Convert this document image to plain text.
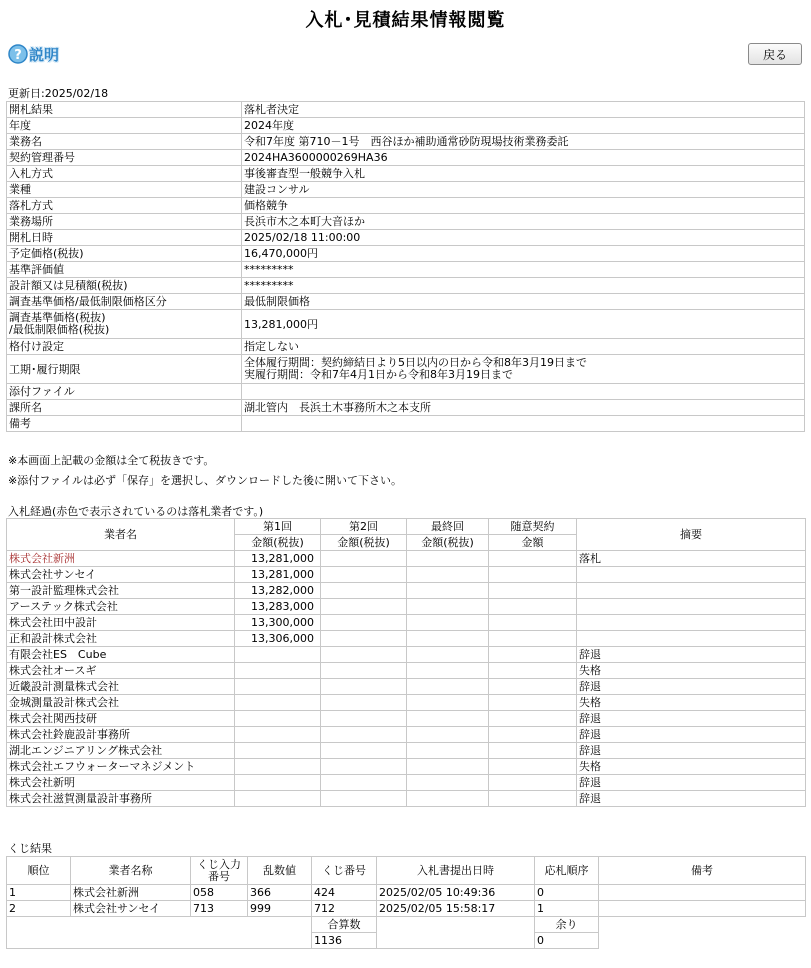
入札･見積結果情報閲覧
? 説明	戻る
更新日:2025/02/18
開札結果	落札者決定
年度	2024年度
業務名	令和7年度 第710－1号　西谷ほか補助通常砂防現場技術業務委託
契約管理番号	2024HA3600000269HA36
入札方式	事後審査型一般競争入札
業種	建設コンサル
落札方式	価格競争
業務場所	長浜市木之本町大音ほか
開札日時	2025/02/18 11:00:00
予定価格(税抜)	16,470,000円
基準評価値	*********
設計額又は見積額(税抜)	*********
調査基準価格/最低制限価格区分	最低制限価格
調査基準価格(税抜)
/最低制限価格(税抜)	13,281,000円
格付け設定	指定しない
工期･履行期限	全体履行期間：契約締結日より5日以内の日から令和8年3月19日まで
実履行期間：令和7年4月1日から令和8年3月19日まで
添付ファイル	
課所名	湖北管内　長浜土木事務所木之本支所
備考	
※本画面上記載の金額は全て税抜きです。
※添付ファイルは必ず「保存」を選択し、ダウンロードした後に開いて下さい。
入札経過(赤色で表示されているのは落札業者です。)
業者名	第1回	第2回	最終回	随意契約	摘要
	金額(税抜)	金額(税抜)	金額(税抜)	金額	
株式会社新洲	13,281,000				落札
株式会社サンセイ	13,281,000				
第一設計監理株式会社	13,282,000				
アーステック株式会社	13,283,000				
株式会社田中設計	13,300,000				
正和設計株式会社	13,306,000				
有限会社ES　Cube					辞退
株式会社オースギ					失格
近畿設計測量株式会社					辞退
金城測量設計株式会社					失格
株式会社関西技研					辞退
株式会社鈴鹿設計事務所					辞退
湖北エンジニアリング株式会社					辞退
株式会社エフウォーターマネジメント					失格
株式会社新明					辞退
株式会社滋賀測量設計事務所					辞退
くじ結果
順位	業者名称	くじ入力番号	乱数値	くじ番号	入札書提出日時	応札順序	備考
1	株式会社新洲	058	366	424	2025/02/05 10:49:36	0	
2	株式会社サンセイ	713	999	712	2025/02/05 15:58:17	1	
				合算数		余り	
				1136		0	
